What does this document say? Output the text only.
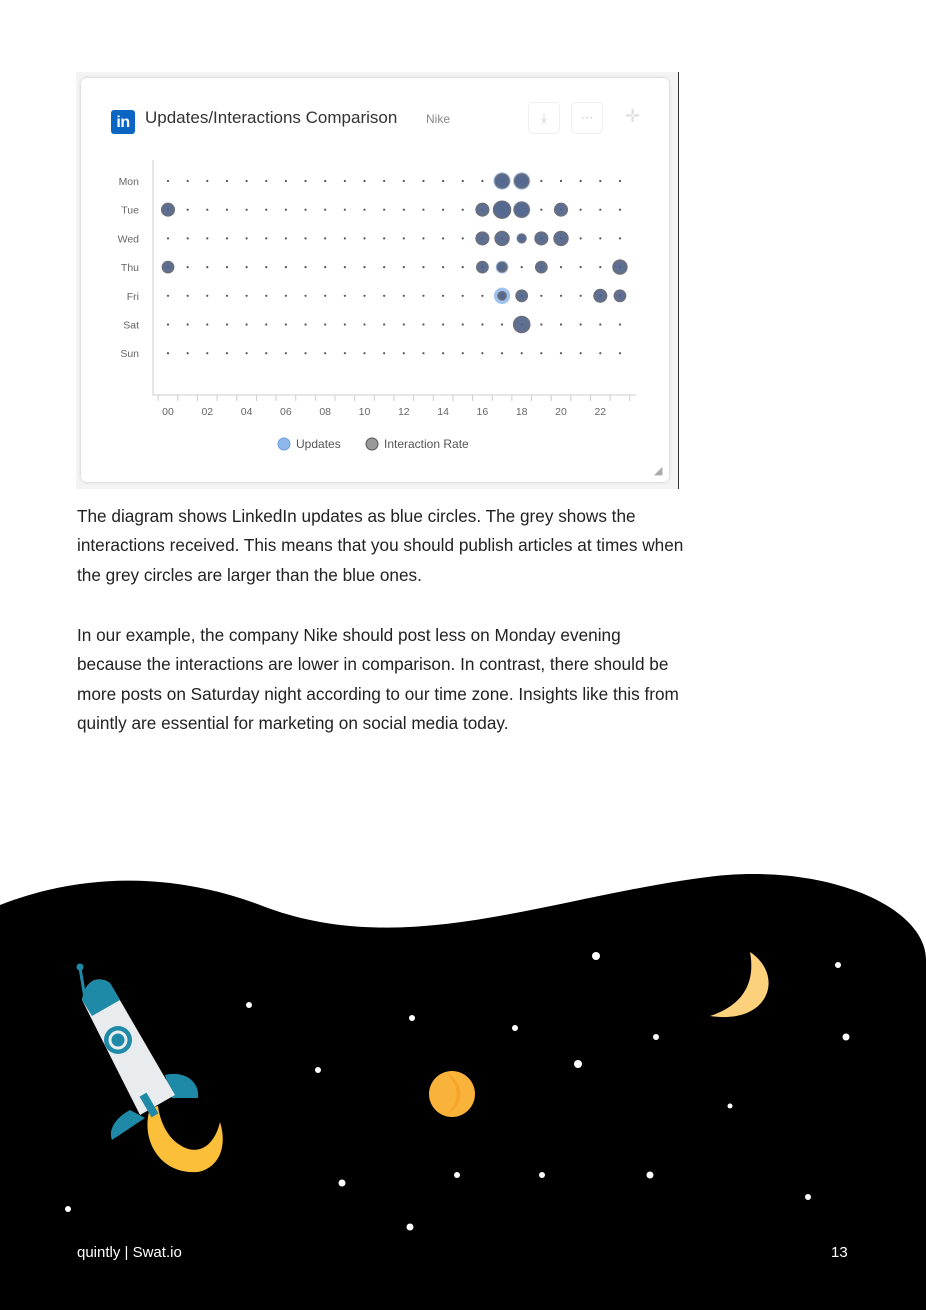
in Updates/Interactions Comparison Nike	⤓	⋯	✛
◢
Mon
Tue
Wed
Thu
Fri
Sat
Sun
00	02	04	06	08	10	12	14	16	18	20	22
Updates	Interaction Rate

The diagram shows LinkedIn updates as blue circles. The grey shows the interactions received. This means that you should publish articles at times when the grey circles are larger than the blue ones.

In our example, the company Nike should post less on Monday evening because the interactions are lower in comparison. In contrast, there should be more posts on Saturday night according to our time zone. Insights like this from quintly are essential for marketing on social media today.

quintly | Swat.io	13
